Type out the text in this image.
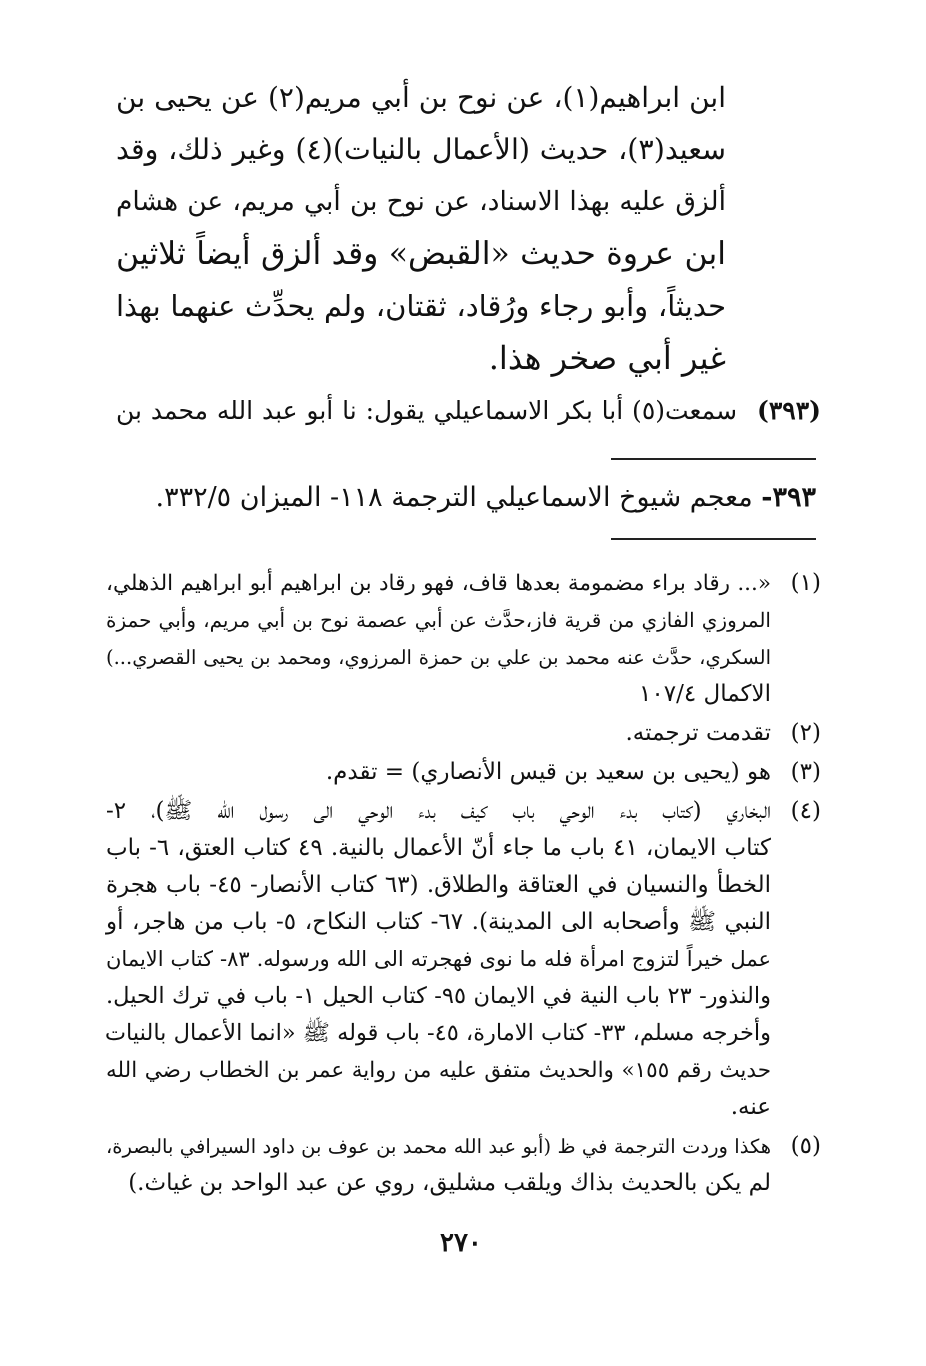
ابن ابراهيم(١)، عن نوح بن أبي مريم(٢) عن يحيى بن
سعيد(٣)، حديث (الأعمال بالنيات)(٤) وغير ذلك، وقد
ألزق عليه بهذا الاسناد، عن نوح بن أبي مريم، عن هشام
ابن عروة حديث «القبض» وقد ألزق أيضاً ثلاثين
حديثاً، وأبو رجاء ورُقاد، ثقتان، ولم يحدِّث عنهما بهذا
غير أبي صخر هذا.
(٣٩٣)سمعت(٥) أبا بكر الاسماعيلي يقول: نا أبو عبد الله محمد بن
٣٩٣- معجم شيوخ الاسماعيلي الترجمة ١١٨- الميزان ٣٣٢/٥.
(١)
«... رقاد براء مضمومة بعدها قاف، فهو رقاد بن ابراهيم أبو ابراهيم الذهلي،
المروزي الفازي من قرية فاز،حدَّث عن أبي عصمة نوح بن أبي مريم، وأبي حمزة
السكري، حدَّث عنه محمد بن علي بن حمزة المرزوي، ومحمد بن يحيى القصري...)
الاكمال ١٠٧/٤
(٢)
تقدمت ترجمته.
(٣)
هو (يحيى بن سعيد بن قيس الأنصاري) = تقدم.
(٤)
البخاري (كتاب بدء الوحي باب كيف بدء الوحي الى رسول الله ﷺ)، ٢-
كتاب الايمان، ٤١ باب ما جاء أنّ الأعمال بالنية. ٤٩ كتاب العتق، ٦- باب
الخطأ والنسيان في العتاقة والطلاق. (٦٣ كتاب الأنصار- ٤٥- باب هجرة
النبي ﷺ وأصحابه الى المدينة). ٦٧- كتاب النكاح، ٥- باب من هاجر، أو
عمل خيراً لتزوج امرأة فله ما نوى فهجرته الى الله ورسوله. ٨٣- كتاب الايمان
والنذور- ٢٣ باب النية في الايمان ٩٥- كتاب الحيل ١- باب في ترك الحيل.
وأخرجه مسلم، ٣٣- كتاب الامارة، ٤٥- باب قوله ﷺ «انما الأعمال بالنيات
حديث رقم ١٥٥» والحديث متفق عليه من رواية عمر بن الخطاب رضي الله
عنه.
(٥)
هكذا وردت الترجمة في ظ (أبو عبد الله محمد بن عوف بن داود السيرافي بالبصرة،
لم يكن بالحديث بذاك ويلقب مشليق، روي عن عبد الواحد بن غياث.)
٢٧٠
